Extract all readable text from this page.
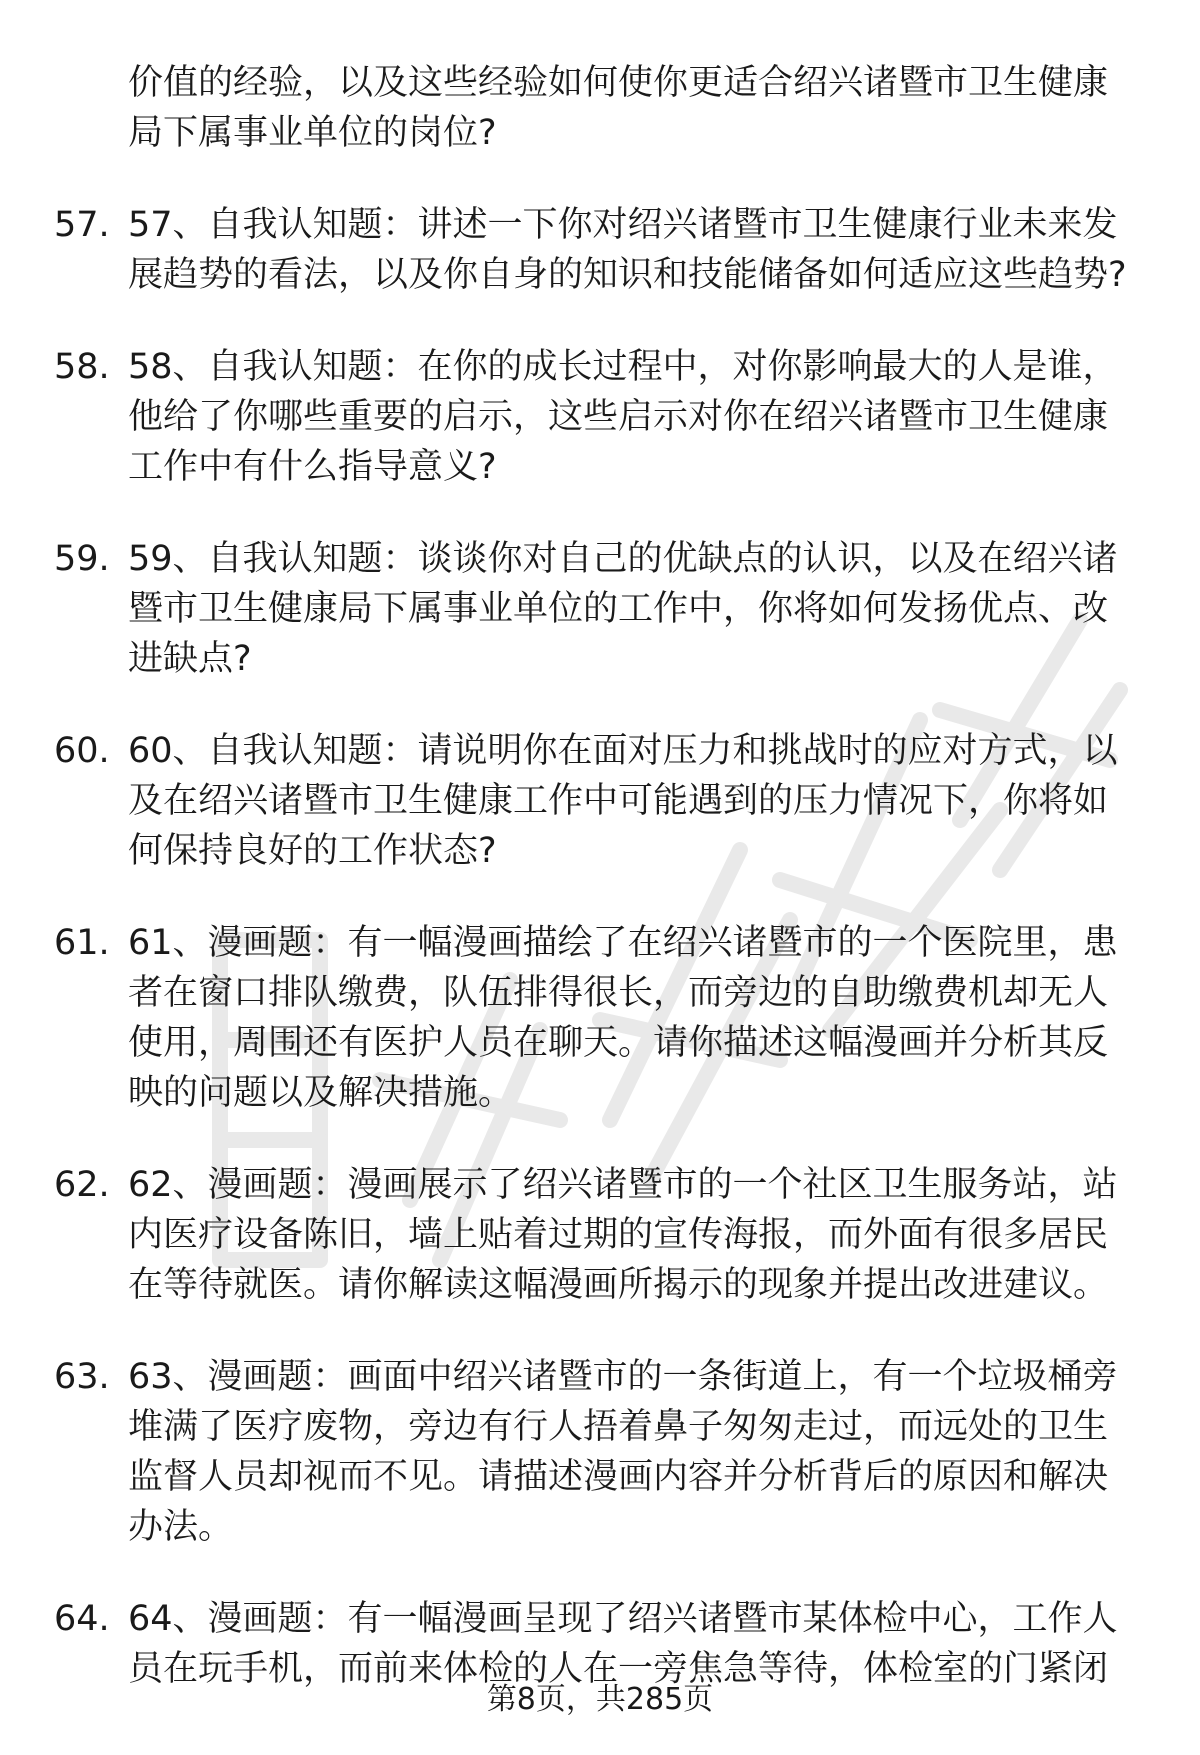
价值的经验，以及这些经验如何使你更适合绍兴诸暨市卫生健康局下属事业单位的岗位?

57. 57、自我认知题：讲述一下你对绍兴诸暨市卫生健康行业未来发展趋势的看法，以及你自身的知识和技能储备如何适应这些趋势?
58. 58、自我认知题：在你的成长过程中，对你影响最大的人是谁，他给了你哪些重要的启示，这些启示对你在绍兴诸暨市卫生健康工作中有什么指导意义?
59. 59、自我认知题：谈谈你对自己的优缺点的认识，以及在绍兴诸暨市卫生健康局下属事业单位的工作中，你将如何发扬优点、改进缺点?
60. 60、自我认知题：请说明你在面对压力和挑战时的应对方式，以及在绍兴诸暨市卫生健康工作中可能遇到的压力情况下，你将如何保持良好的工作状态?
61. 61、漫画题：有一幅漫画描绘了在绍兴诸暨市的一个医院里，患者在窗口排队缴费，队伍排得很长，而旁边的自助缴费机却无人使用，周围还有医护人员在聊天。请你描述这幅漫画并分析其反映的问题以及解决措施。
62. 62、漫画题：漫画展示了绍兴诸暨市的一个社区卫生服务站，站内医疗设备陈旧，墙上贴着过期的宣传海报，而外面有很多居民在等待就医。请你解读这幅漫画所揭示的现象并提出改进建议。
63. 63、漫画题：画面中绍兴诸暨市的一条街道上，有一个垃圾桶旁堆满了医疗废物，旁边有行人捂着鼻子匆匆走过，而远处的卫生监督人员却视而不见。请描述漫画内容并分析背后的原因和解决办法。
64. 64、漫画题：有一幅漫画呈现了绍兴诸暨市某体检中心，工作人员在玩手机，而前来体检的人在一旁焦急等待，体检室的门紧闭
第8页，共285页
